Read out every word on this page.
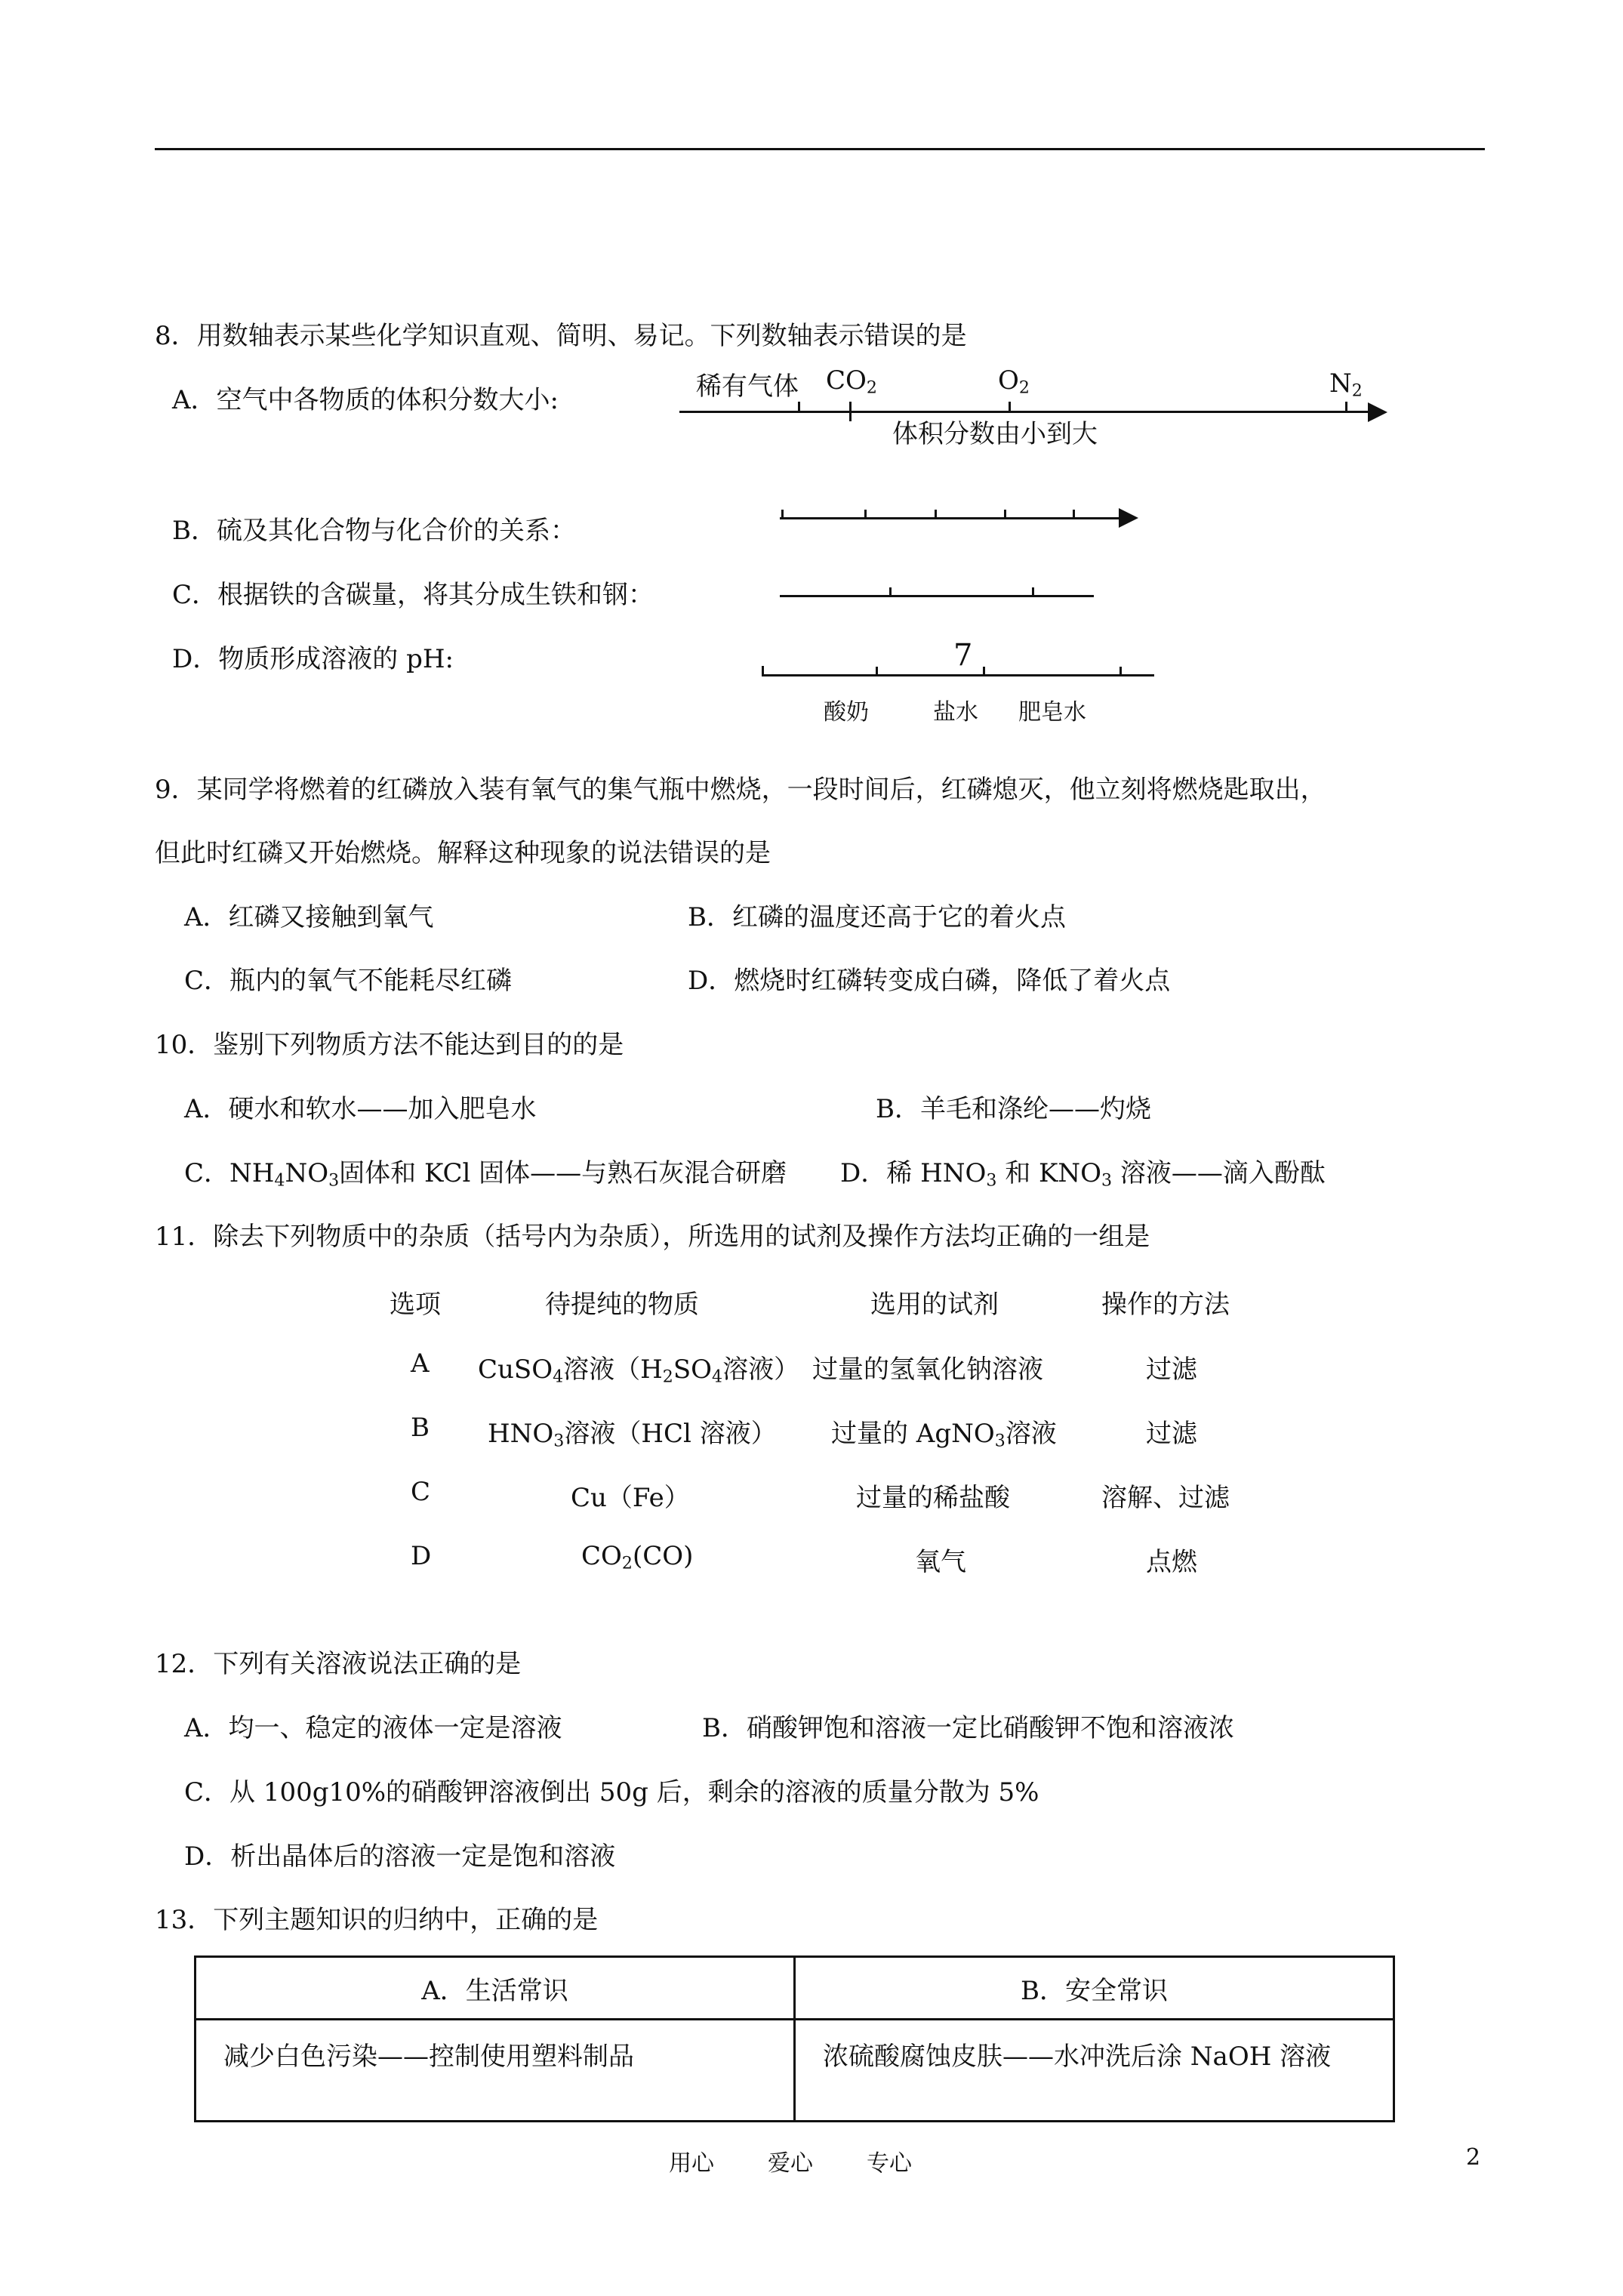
8．用数轴表示某些化学知识直观、简明、易记。下列数轴表示错误的是
A．空气中各物质的体积分数大小:	稀有气体 $CO_2$	$O_2$	$N_2$
体积分数由小到大
B．硫及其化合物与化合价的关系：
C．根据铁的含碳量，将其分成生铁和钢：
D．物质形成溶液的 pH:	7
酸奶	盐水 肥皂水
9．某同学将燃着的红磷放入装有氧气的集气瓶中燃烧，一段时间后，红磷熄灭，他立刻将燃烧匙取出，
但此时红磷又开始燃烧。解释这种现象的说法错误的是
A．红磷又接触到氧气	B．红磷的温度还高于它的着火点
C．瓶内的氧气不能耗尽红磷	D．燃烧时红磷转变成白磷，降低了着火点
10．鉴别下列物质方法不能达到目的的是
A．硬水和软水——加入肥皂水	B．羊毛和涤纶——灼烧
C．$NH_4NO_3$固体和 KCl 固体——与熟石灰混合研磨 D．稀 $HNO_3$ 和 $KNO_3$ 溶液——滴入酚酞
11．除去下列物质中的杂质（括号内为杂质），所选用的试剂及操作方法均正确的一组是
选项	待提纯的物质	选用的试剂	操作的方法
A CuSO$_4$溶液（$H_2SO_4$溶液） 过量的氢氧化钠溶液	过滤
B $HNO_3$溶液（HCl 溶液） 过量的 AgNO$_3$溶液	过滤
C	Cu（Fe）	过量的稀盐酸	溶解、过滤
D	$CO_2(CO)$	氧气	点燃
12．下列有关溶液说法正确的是
A．均一、稳定的液体一定是溶液	B．硝酸钾饱和溶液一定比硝酸钾不饱和溶液浓
C．从 100g10%的硝酸钾溶液倒出 50g 后，剩余的溶液的质量分散为 5%
D．析出晶体后的溶液一定是饱和溶液
13．下列主题知识的归纳中，正确的是
A．生活常识	B．安全常识
减少白色污染——控制使用塑料制品	浓硫酸腐蚀皮肤——水冲洗后涂 NaOH 溶液
用心 爱心 专心	2
